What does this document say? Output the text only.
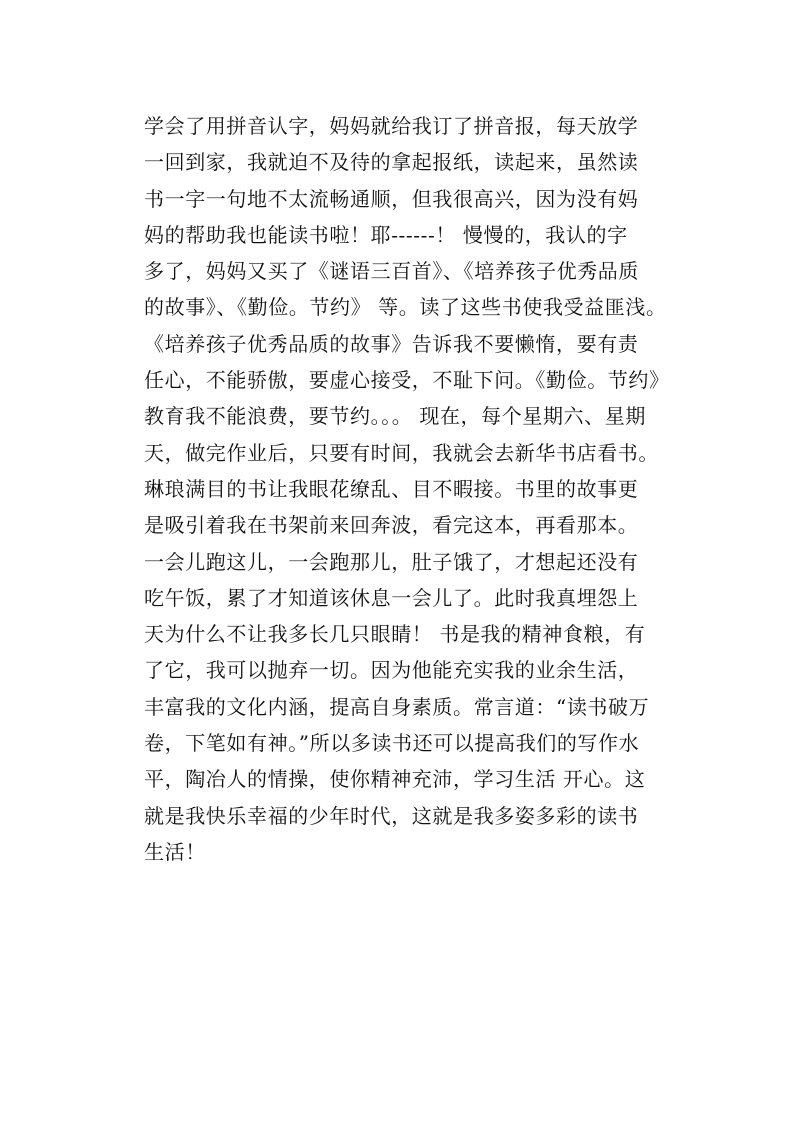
学会了用拼音认字，妈妈就给我订了拼音报，每天放学
一回到家，我就迫不及待的拿起报纸，读起来，虽然读
书一字一句地不太流畅通顺，但我很高兴，因为没有妈
妈的帮助我也能读书啦！耶------！ 慢慢的，我认的字
多了，妈妈又买了《谜语三百首》、《培养孩子优秀品质
的故事》、《勤俭。节约》 等。读了这些书使我受益匪浅。
《培养孩子优秀品质的故事》告诉我不要懒惰，要有责
任心，不能骄傲，要虚心接受，不耻下问。《勤俭。节约》
教育我不能浪费，要节约。。。 现在，每个星期六、星期
天，做完作业后，只要有时间，我就会去新华书店看书。
琳琅满目的书让我眼花缭乱、目不暇接。书里的故事更
是吸引着我在书架前来回奔波，看完这本，再看那本。
一会儿跑这儿，一会跑那儿，肚子饿了，才想起还没有
吃午饭，累了才知道该休息一会儿了。此时我真埋怨上
天为什么不让我多长几只眼睛！ 书是我的精神食粮，有
了它，我可以抛弃一切。因为他能充实我的业余生活，
丰富我的文化内涵，提高自身素质。常言道：“读书破万
卷，下笔如有神。”所以多读书还可以提高我们的写作水
平，陶冶人的情操，使你精神充沛，学习生活 开心。这
就是我快乐幸福的少年时代，这就是我多姿多彩的读书
生活！
